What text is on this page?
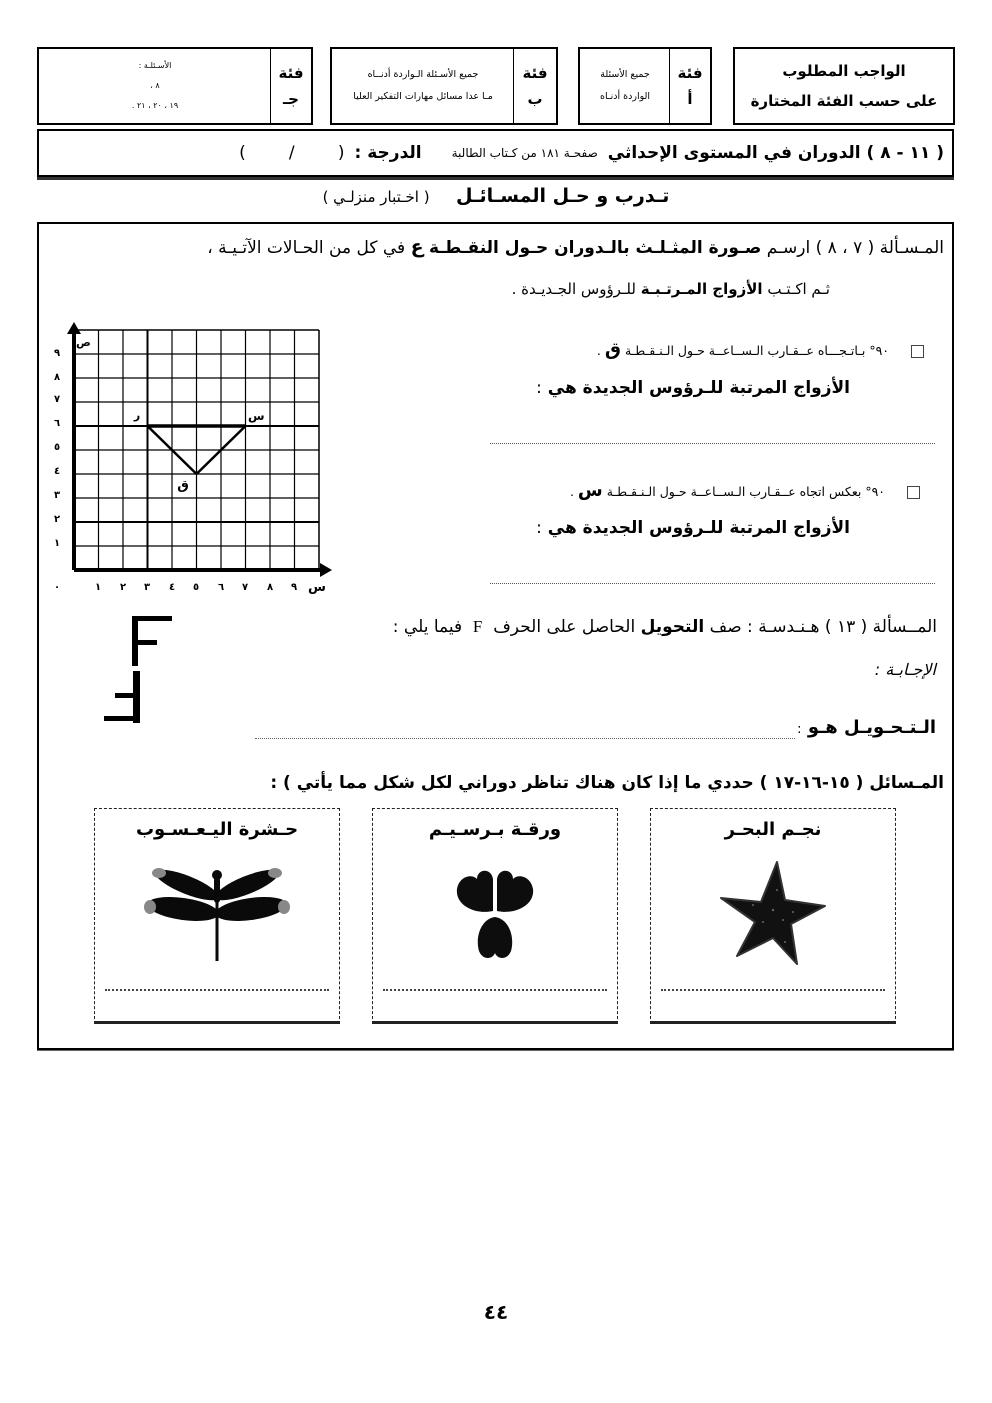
الواجب المطلوب
على حسب الفئة المختارة
فئة
أ
جميع الأسئلة
الواردة أدنـاه
فئة
ب
جميع الأسـئلة الـواردة أدنــاه
مـا عدا مسائل مهارات التفكير العليا
فئة
جـ
الأسـئلـة :
٨ ،
١٩ ، ٢٠ ، ٢١ .
( ١١ - ٨ ) الدوران في المستوى الإحداثي
صفحـة ١٨١ من كـتاب الطالبة
الدرجة :
(        /        )
تـدرب و حـل المسـائـل    ( اخـتبار منزلـي )
المـسـألة ( ٧ ، ٨ ) ارسـم صـورة المثـلـث بالـدوران حـول النقـطـة ع في كل من الحـالات الآتـيـة ،
ثـم اكـتـب الأزواج المـرتـبـة للـرؤوس الجـديـدة .
٩٠° بـاتـجـــاه عــقـارب الـســاعــة حـول الـنـقـطـة ق .
الأزواج المرتبة للـرؤوس الجديدة هي :
٩٠° بعكس اتجاه عــقـارب الـســاعــة حـول الـنـقـطـة س .
الأزواج المرتبة للـرؤوس الجديدة هي :
ص
س
٠
ر	س
ق
١	٢	٣	٤	٥	٦	٧	٨	٩
١
٢
٣
٤
٥
٦
٧
٨
٩
المــسألة ( ١٣ ) هـنـدسـة : صف التحويل الحاصل على الحرف  F  فيما يلي :
الإجـابـة :
الـتـحـويـل هـو :
المـسائل ( ١٥-١٦-١٧ ) حددي ما إذا كان هناك تناظر دوراني لكل شكل مما يأتي ) :
نجـم البحـر
ورقـة بـرسـيـم
حـشرة اليـعـسـوب
٤٤
